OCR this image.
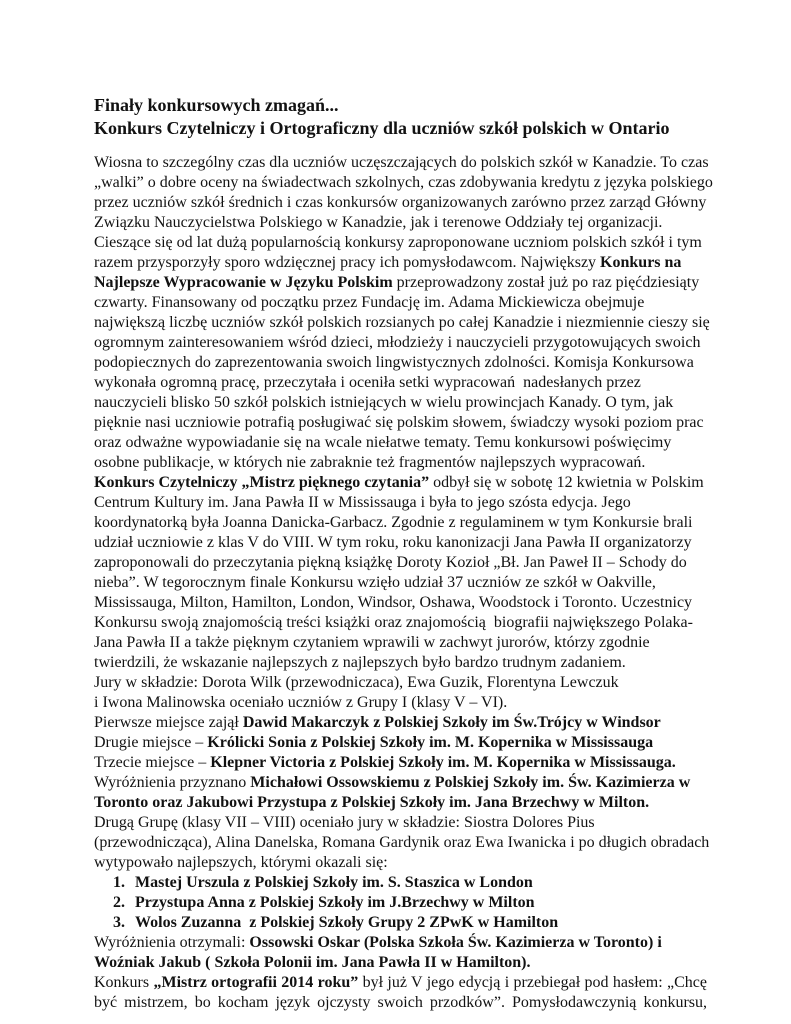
Finały konkursowych zmagań...
Konkurs Czytelniczy i Ortograficzny dla uczniów szkół polskich w Ontario
Wiosna to szczególny czas dla uczniów uczęszczających do polskich szkół w Kanadzie. To czas
„walki” o dobre oceny na świadectwach szkolnych, czas zdobywania kredytu z języka polskiego
przez uczniów szkół średnich i czas konkursów organizowanych zarówno przez zarząd Główny
Związku Nauczycielstwa Polskiego w Kanadzie, jak i terenowe Oddziały tej organizacji.
Cieszące się od lat dużą popularnością konkursy zaproponowane uczniom polskich szkół i tym
razem przysporzyły sporo wdzięcznej pracy ich pomysłodawcom. Największy Konkurs na
Najlepsze Wypracowanie w Języku Polskim przeprowadzony został już po raz pięćdziesiąty
czwarty. Finansowany od początku przez Fundację im. Adama Mickiewicza obejmuje
największą liczbę uczniów szkół polskich rozsianych po całej Kanadzie i niezmiennie cieszy się
ogromnym zainteresowaniem wśród dzieci, młodzieży i nauczycieli przygotowujących swoich
podopiecznych do zaprezentowania swoich lingwistycznych zdolności. Komisja Konkursowa
wykonała ogromną pracę, przeczytała i oceniła setki wypracowań  nadesłanych przez
nauczycieli blisko 50 szkół polskich istniejących w wielu prowincjach Kanady. O tym, jak
pięknie nasi uczniowie potrafią posługiwać się polskim słowem, świadczy wysoki poziom prac
oraz odważne wypowiadanie się na wcale niełatwe tematy. Temu konkursowi poświęcimy
osobne publikacje, w których nie zabraknie też fragmentów najlepszych wypracowań.
Konkurs Czytelniczy „Mistrz pięknego czytania” odbył się w sobotę 12 kwietnia w Polskim
Centrum Kultury im. Jana Pawła II w Mississauga i była to jego szósta edycja. Jego
koordynatorką była Joanna Danicka-Garbacz. Zgodnie z regulaminem w tym Konkursie brali
udział uczniowie z klas V do VIII. W tym roku, roku kanonizacji Jana Pawła II organizatorzy
zaproponowali do przeczytania piękną książkę Doroty Kozioł „Bł. Jan Paweł II – Schody do
nieba”. W tegorocznym finale Konkursu wzięło udział 37 uczniów ze szkół w Oakville,
Mississauga, Milton, Hamilton, London, Windsor, Oshawa, Woodstock i Toronto. Uczestnicy
Konkursu swoją znajomością treści książki oraz znajomością  biografii największego Polaka-
Jana Pawła II a także pięknym czytaniem wprawili w zachwyt jurorów, którzy zgodnie
twierdzili, że wskazanie najlepszych z najlepszych było bardzo trudnym zadaniem.
Jury w składzie: Dorota Wilk (przewodniczaca), Ewa Guzik, Florentyna Lewczuk
i Iwona Malinowska oceniało uczniów z Grupy I (klasy V – VI).
Pierwsze miejsce zajął Dawid Makarczyk z Polskiej Szkoły im Św.Trójcy w Windsor
Drugie miejsce – Królicki Sonia z Polskiej Szkoły im. M. Kopernika w Mississauga
Trzecie miejsce – Klepner Victoria z Polskiej Szkoły im. M. Kopernika w Mississauga.
Wyróżnienia przyznano Michałowi Ossowskiemu z Polskiej Szkoły im. Św. Kazimierza w
Toronto oraz Jakubowi Przystupa z Polskiej Szkoły im. Jana Brzechwy w Milton.
Drugą Grupę (klasy VII – VIII) oceniało jury w składzie: Siostra Dolores Pius
(przewodnicząca), Alina Danelska, Romana Gardynik oraz Ewa Iwanicka i po długich obradach
wytypowało najlepszych, którymi okazali się:
1. Mastej Urszula z Polskiej Szkoły im. S. Staszica w London
2. Przystupa Anna z Polskiej Szkoły im J.Brzechwy w Milton
3. Wolos Zuzanna  z Polskiej Szkoły Grupy 2 ZPwK w Hamilton
Wyróżnienia otrzymali: Ossowski Oskar (Polska Szkoła Św. Kazimierza w Toronto) i
Woźniak Jakub ( Szkoła Polonii im. Jana Pawła II w Hamilton).
Konkurs „Mistrz ortografii 2014 roku” był już V jego edycją i przebiegał pod hasłem: „Chcę
być mistrzem, bo kocham język ojczysty swoich przodków”. Pomysłodawczynią konkursu,
